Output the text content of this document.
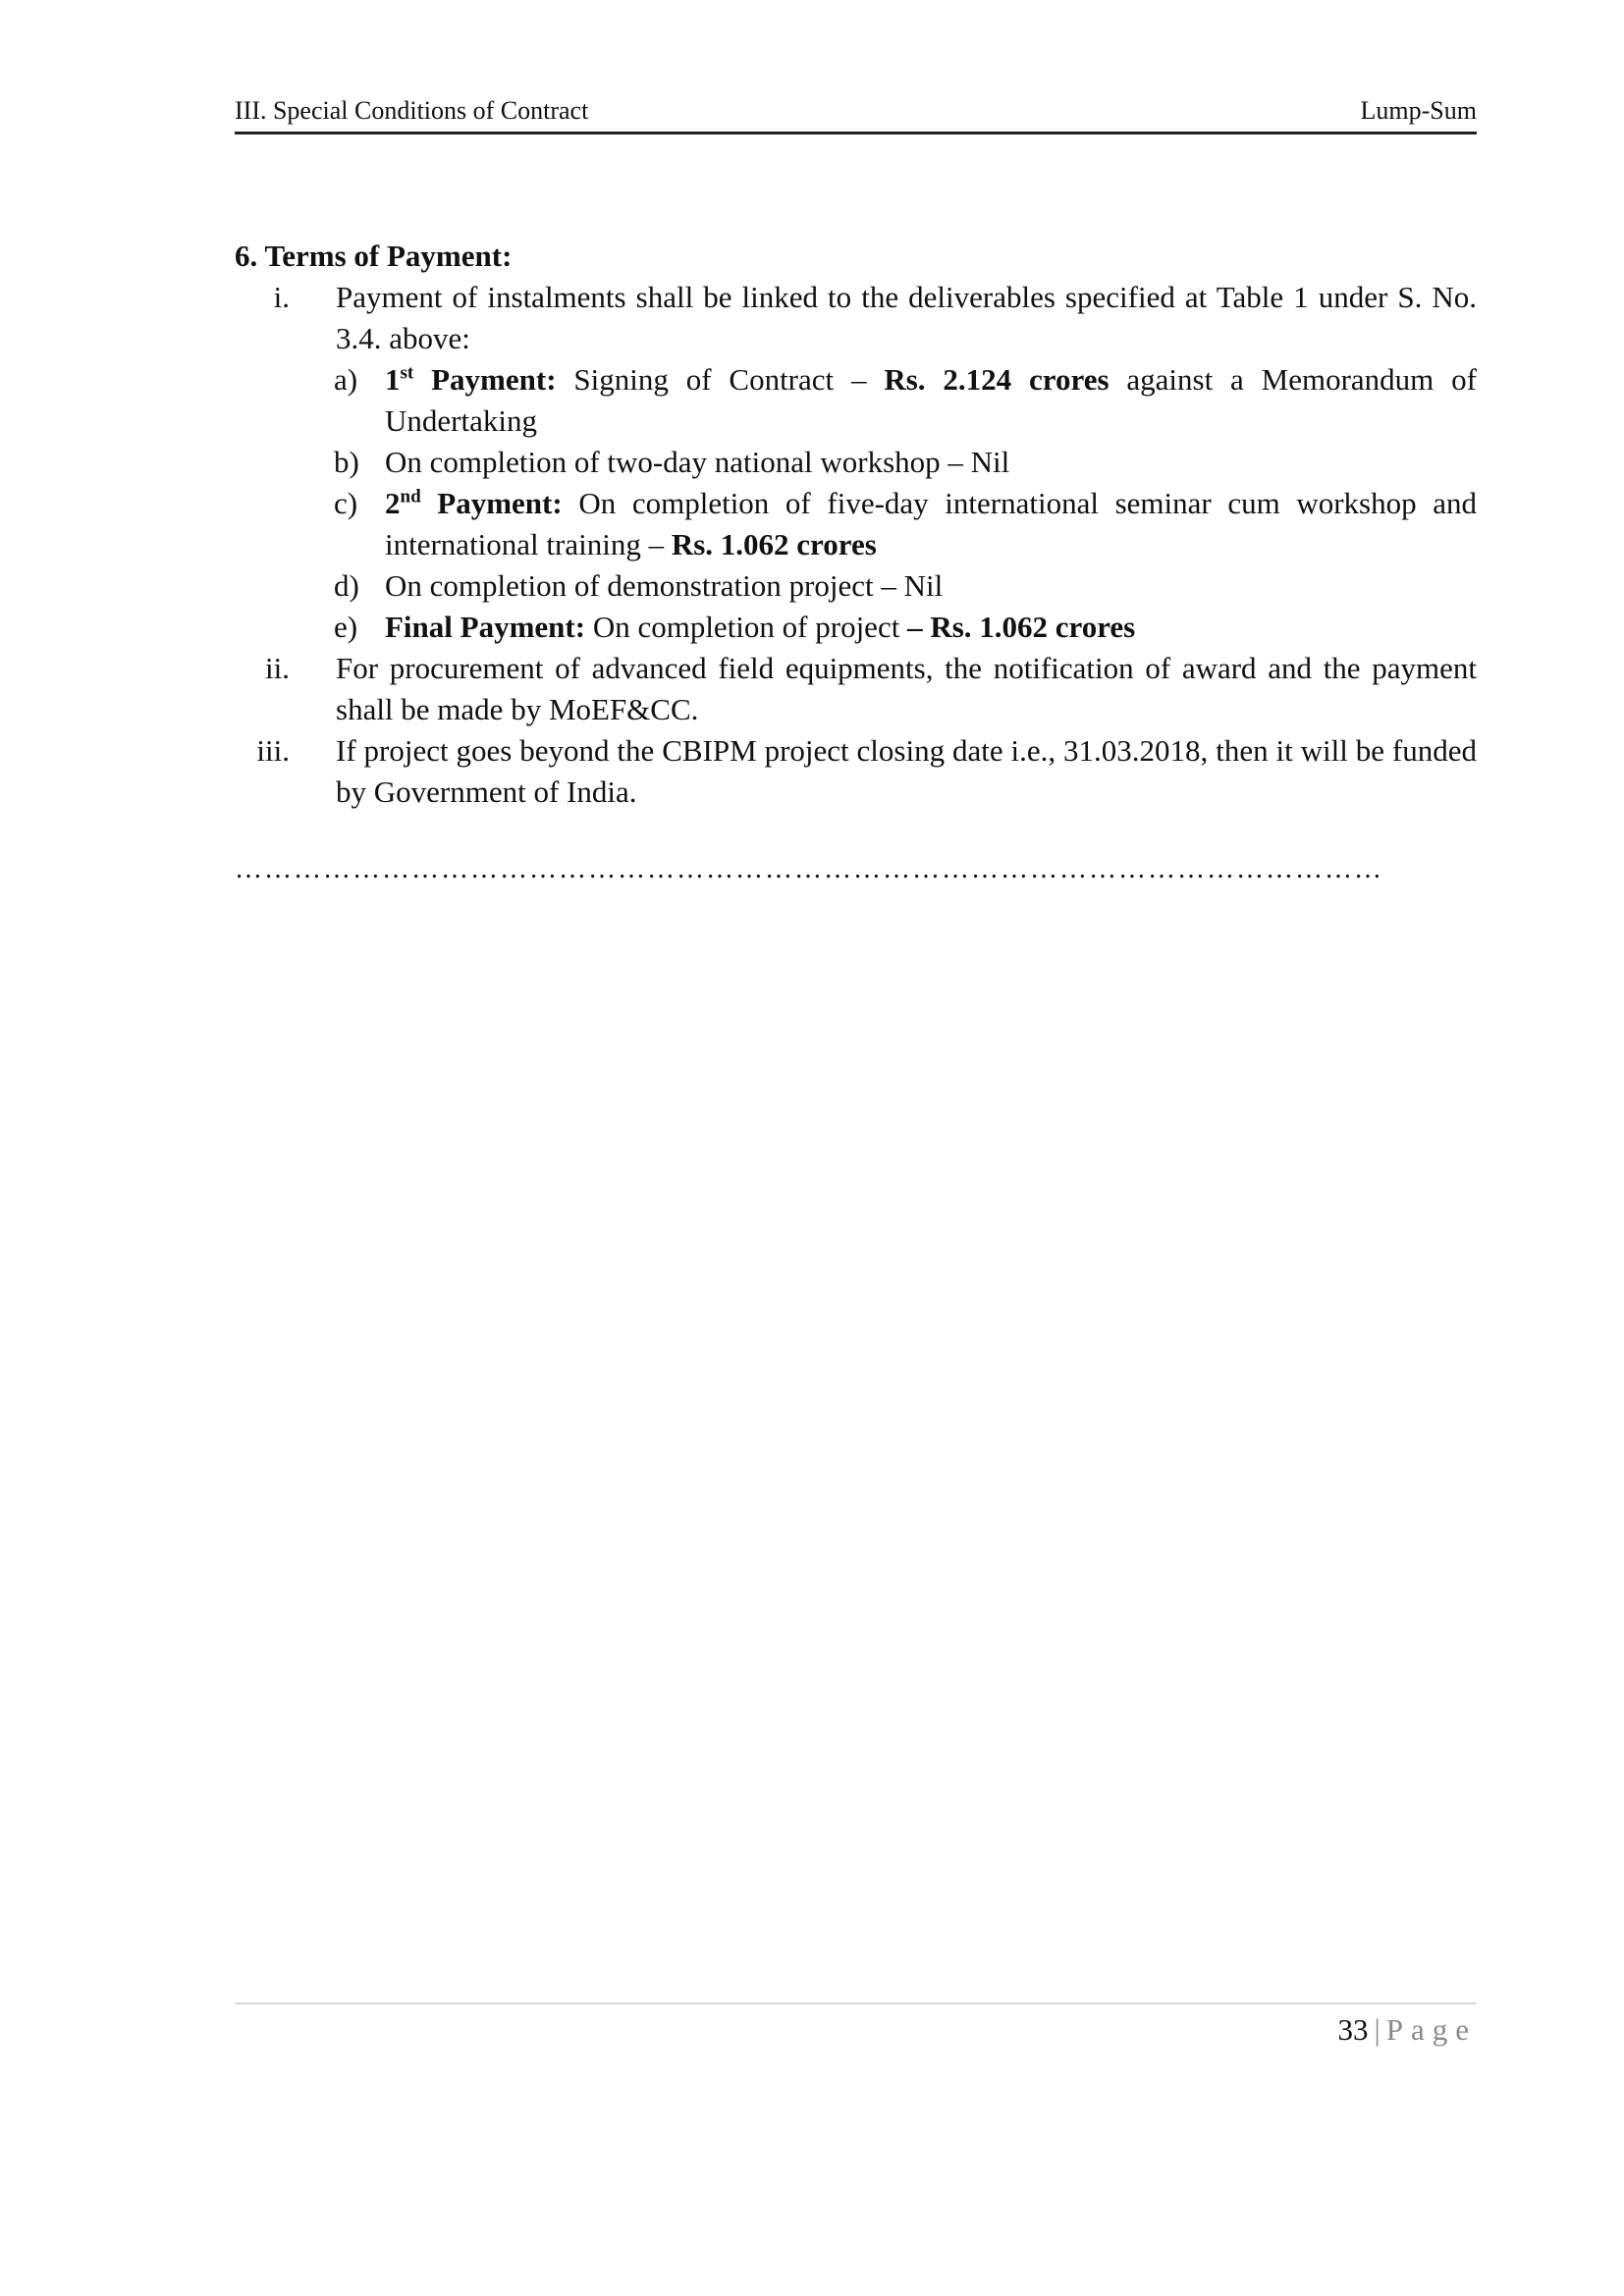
III. Special Conditions of Contract	Lump-Sum

6. Terms of Payment:

i. Payment of instalments shall be linked to the deliverables specified at Table 1 under S. No. 3.4. above:
a) 1st Payment: Signing of Contract – Rs. 2.124 crores against a Memorandum of Undertaking
b) On completion of two-day national workshop – Nil
c) 2nd Payment: On completion of five-day international seminar cum workshop and international training – Rs. 1.062 crores
d) On completion of demonstration project – Nil
e) Final Payment: On completion of project – Rs. 1.062 crores
ii. For procurement of advanced field equipments, the notification of award and the payment shall be made by MoEF&CC.
iii. If project goes beyond the CBIPM project closing date i.e., 31.03.2018, then it will be funded by Government of India.
………………………………………………………………………………………………………
33 | Page
